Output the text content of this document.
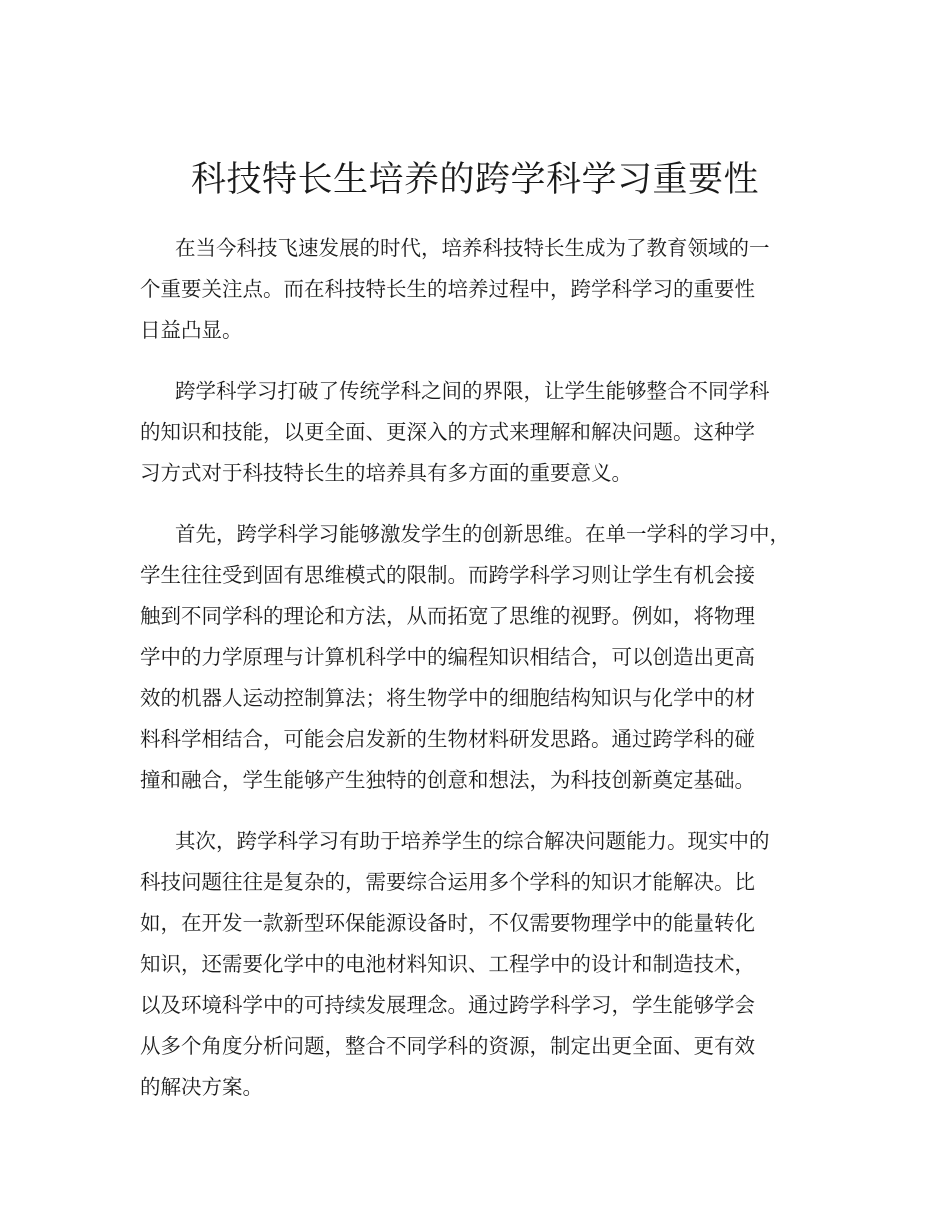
科技特长生培养的跨学科学习重要性

在当今科技飞速发展的时代，培养科技特长生成为了教育领域的一
个重要关注点。而在科技特长生的培养过程中，跨学科学习的重要性
日益凸显。

跨学科学习打破了传统学科之间的界限，让学生能够整合不同学科
的知识和技能，以更全面、更深入的方式来理解和解决问题。这种学
习方式对于科技特长生的培养具有多方面的重要意义。

首先，跨学科学习能够激发学生的创新思维。在单一学科的学习中，
学生往往受到固有思维模式的限制。而跨学科学习则让学生有机会接
触到不同学科的理论和方法，从而拓宽了思维的视野。例如，将物理
学中的力学原理与计算机科学中的编程知识相结合，可以创造出更高
效的机器人运动控制算法；将生物学中的细胞结构知识与化学中的材
料科学相结合，可能会启发新的生物材料研发思路。通过跨学科的碰
撞和融合，学生能够产生独特的创意和想法，为科技创新奠定基础。

其次，跨学科学习有助于培养学生的综合解决问题能力。现实中的
科技问题往往是复杂的，需要综合运用多个学科的知识才能解决。比
如，在开发一款新型环保能源设备时，不仅需要物理学中的能量转化
知识，还需要化学中的电池材料知识、工程学中的设计和制造技术，
以及环境科学中的可持续发展理念。通过跨学科学习，学生能够学会
从多个角度分析问题，整合不同学科的资源，制定出更全面、更有效
的解决方案。
